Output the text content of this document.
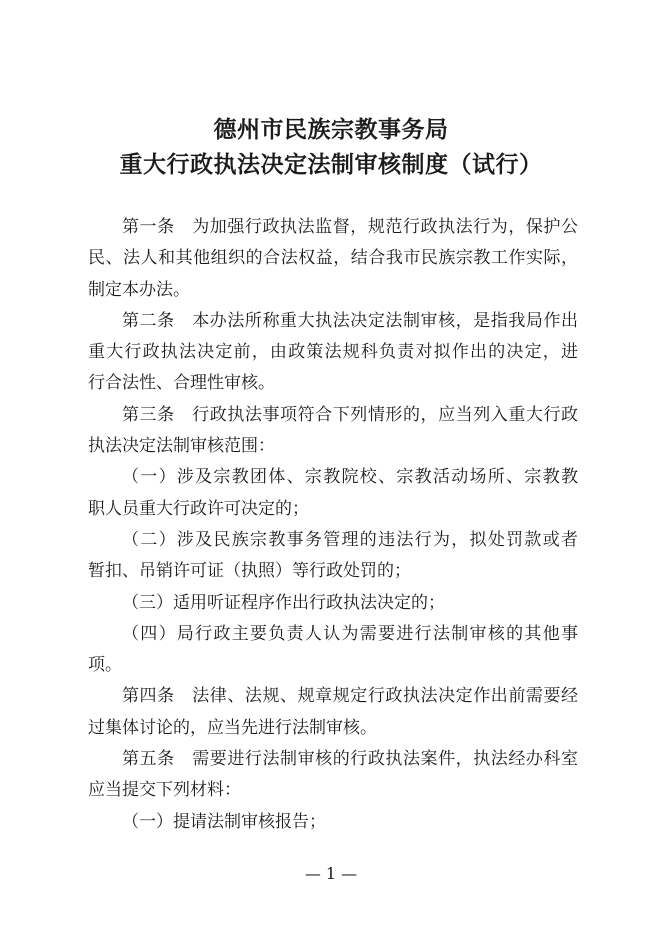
德州市民族宗教事务局
重大行政执法决定法制审核制度（试行）
第一条　为加强行政执法监督，规范行政执法行为，保护公
民、法人和其他组织的合法权益，结合我市民族宗教工作实际，
制定本办法。
第二条　本办法所称重大执法决定法制审核，是指我局作出
重大行政执法决定前，由政策法规科负责对拟作出的决定，进
行合法性、合理性审核。
第三条　行政执法事项符合下列情形的，应当列入重大行政
执法决定法制审核范围：
（一）涉及宗教团体、宗教院校、宗教活动场所、宗教教
职人员重大行政许可决定的；
（二）涉及民族宗教事务管理的违法行为，拟处罚款或者
暂扣、吊销许可证（执照）等行政处罚的；
（三）适用听证程序作出行政执法决定的；
（四）局行政主要负责人认为需要进行法制审核的其他事
项。
第四条　法律、法规、规章规定行政执法决定作出前需要经
过集体讨论的，应当先进行法制审核。
第五条　需要进行法制审核的行政执法案件，执法经办科室
应当提交下列材料：
（一）提请法制审核报告；
— 1 —
